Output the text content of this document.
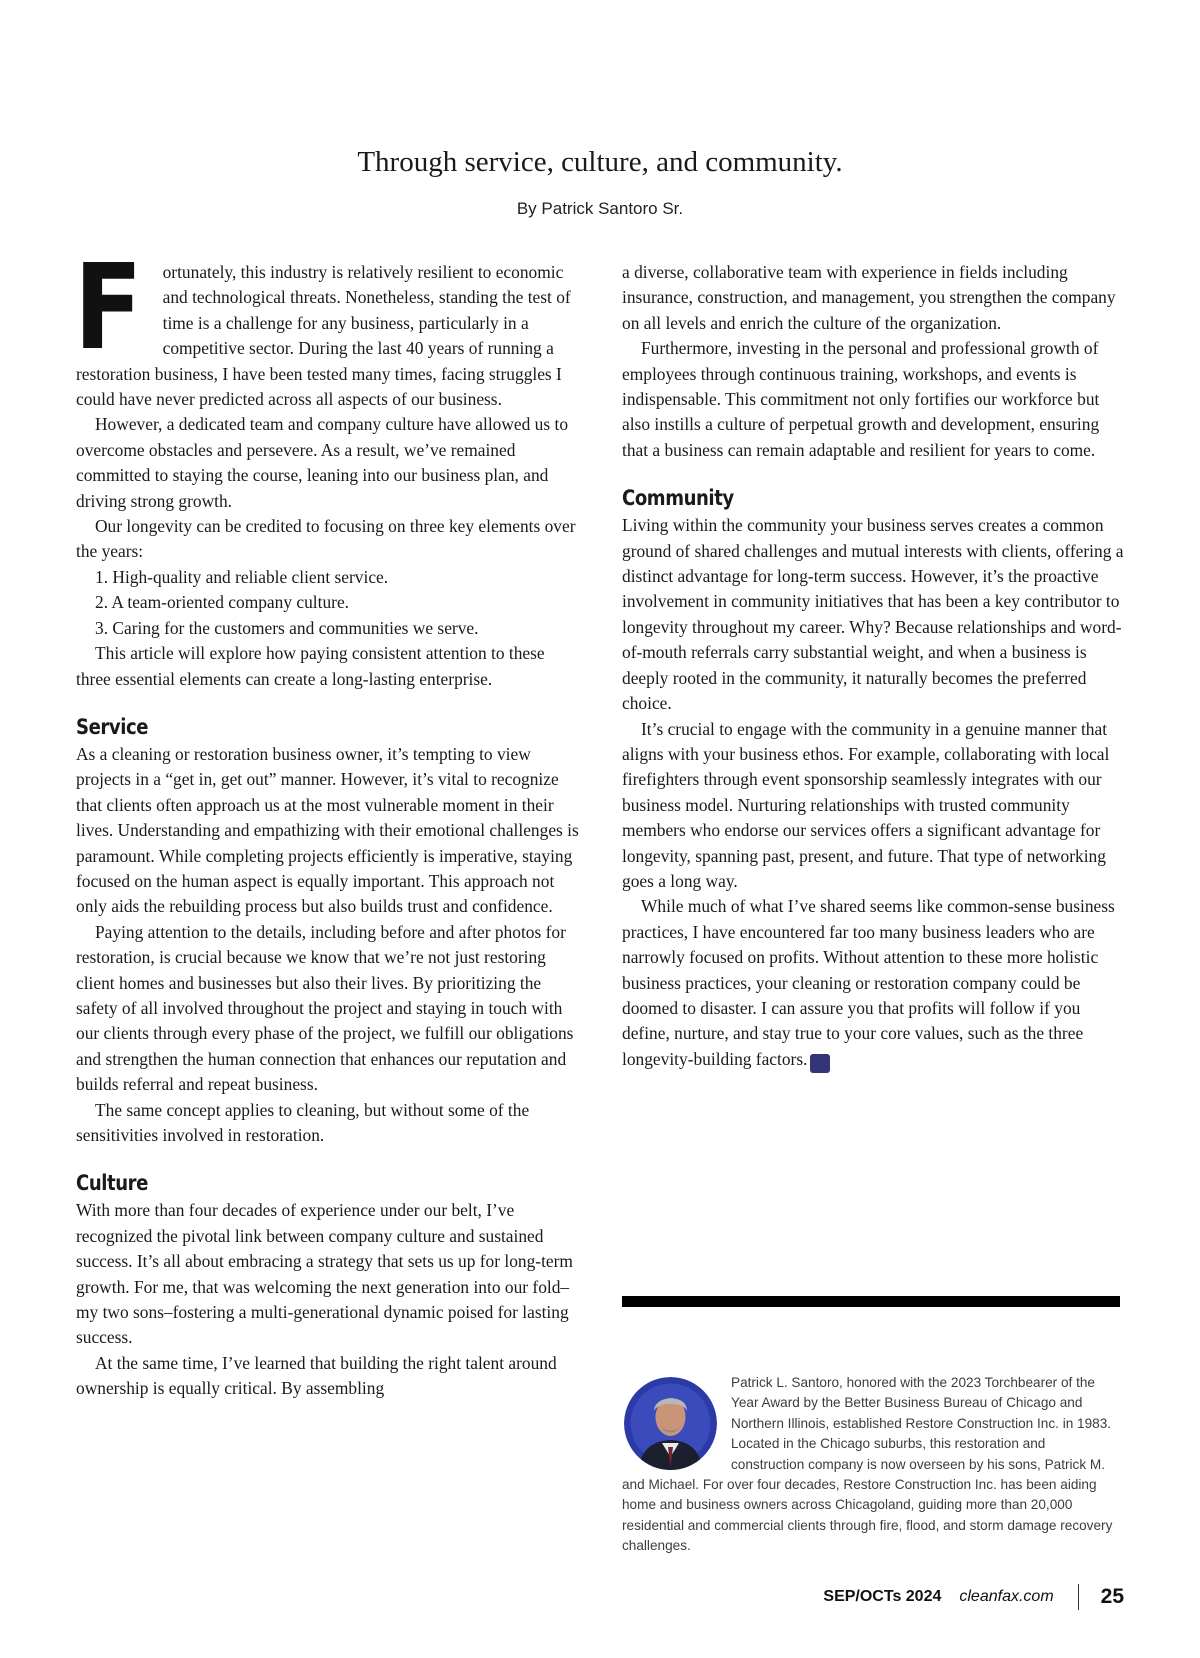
Through service, culture, and community.
By Patrick Santoro Sr.

F ortunately, this industry is relatively resilient to economic and technological threats. Nonetheless, standing the test of time is a challenge for any business, particularly in a competitive sector. During the last 40 years of running a restoration business, I have been tested many times, facing struggles I could have never predicted across all aspects of our business.

However, a dedicated team and company culture have allowed us to overcome obstacles and persevere. As a result, we’ve remained committed to staying the course, leaning into our business plan, and driving strong growth.

Our longevity can be credited to focusing on three key elements over the years:

1. High-quality and reliable client service.
2. A team-oriented company culture.
3. Caring for the customers and communities we serve.

This article will explore how paying consistent attention to these three essential elements can create a long-lasting enterprise.

Service

As a cleaning or restoration business owner, it’s tempting to view projects in a “get in, get out” manner. However, it’s vital to recognize that clients often approach us at the most vulnerable moment in their lives. Understanding and empathizing with their emotional challenges is paramount. While completing projects efficiently is imperative, staying focused on the human aspect is equally important. This approach not only aids the rebuilding process but also builds trust and confidence.

Paying attention to the details, including before and after photos for restoration, is crucial because we know that we’re not just restoring client homes and businesses but also their lives. By prioritizing the safety of all involved throughout the project and staying in touch with our clients through every phase of the project, we fulfill our obligations and strengthen the human connection that enhances our reputation and builds referral and repeat business.

The same concept applies to cleaning, but without some of the sensitivities involved in restoration.

Culture

With more than four decades of experience under our belt, I’ve recognized the pivotal link between company culture and sustained success. It’s all about embracing a strategy that sets us up for long-term growth. For me, that was welcoming the next generation into our fold–my two sons–fostering a multi-generational dynamic poised for lasting success.

At the same time, I’ve learned that building the right talent around ownership is equally critical. By assembling

a diverse, collaborative team with experience in fields including insurance, construction, and management, you strengthen the company on all levels and enrich the culture of the organization.

Furthermore, investing in the personal and professional growth of employees through continuous training, workshops, and events is indispensable. This commitment not only fortifies our workforce but also instills a culture of perpetual growth and development, ensuring that a business can remain adaptable and resilient for years to come.

Community

Living within the community your business serves creates a common ground of shared challenges and mutual interests with clients, offering a distinct advantage for long-term success. However, it’s the proactive involvement in community initiatives that has been a key contributor to longevity throughout my career. Why? Because relationships and word-of-mouth referrals carry substantial weight, and when a business is deeply rooted in the community, it naturally becomes the preferred choice.

It’s crucial to engage with the community in a genuine manner that aligns with your business ethos. For example, collaborating with local firefighters through event sponsorship seamlessly integrates with our business model. Nurturing relationships with trusted community members who endorse our services offers a significant advantage for longevity, spanning past, present, and future. That type of networking goes a long way.

While much of what I’ve shared seems like common-sense business practices, I have encountered far too many business leaders who are narrowly focused on profits. Without attention to these more holistic business practices, your cleaning or restoration company could be doomed to disaster. I can assure you that profits will follow if you define, nurture, and stay true to your core values, such as the three longevity-building factors. CF

Patrick L. Santoro, honored with the 2023 Torchbearer of the Year Award by the Better Business Bureau of Chicago and Northern Illinois, established Restore Construction Inc. in 1983. Located in the Chicago suburbs, this restoration and construction company is now overseen by his sons, Patrick M. and Michael. For over four decades, Restore Construction Inc. has been aiding home and business owners across Chicagoland, guiding more than 20,000 residential and commercial clients through fire, flood, and storm damage recovery challenges.

SEP/OCTs 2024 cleanfax.com 25
